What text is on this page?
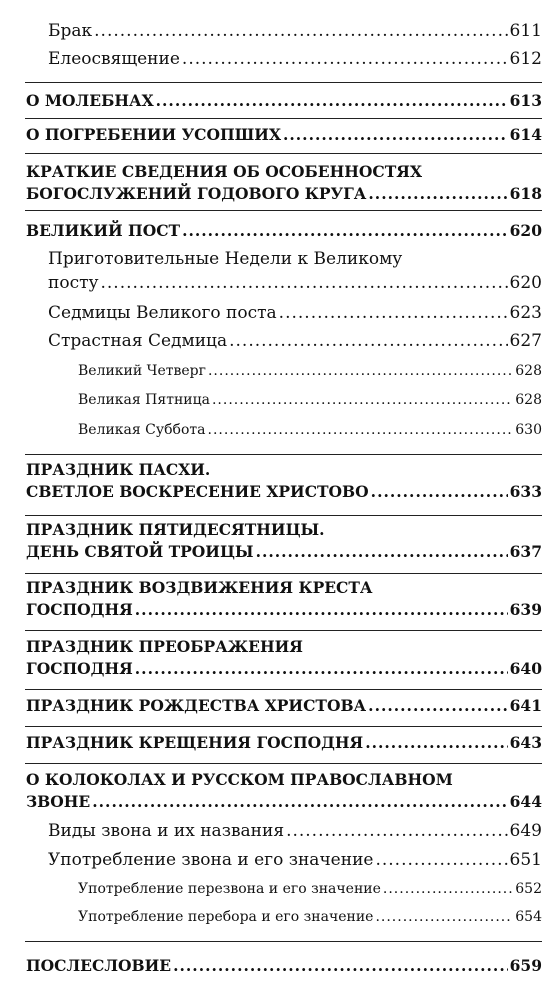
Брак .....	611
Елеосвящение .....	612
О МОЛЕБНАХ .....	613
О ПОГРЕБЕНИИ УСОПШИХ .....	614
КРАТКИЕ СВЕДЕНИЯ ОБ ОСОБЕННОСТЯХ
БОГОСЛУЖЕНИЙ ГОДОВОГО КРУГА .....	618
ВЕЛИКИЙ ПОСТ .....	620
Приготовительные Недели к Великому
посту .....	620
Седмицы Великого поста .....	623
Страстная Седмица .....	627
Великий Четверг .....	628
Великая Пятница .....	628
Великая Суббота .....	630
ПРАЗДНИК ПАСХИ.
СВЕТЛОЕ ВОСКРЕСЕНИЕ ХРИСТОВО .....	633
ПРАЗДНИК ПЯТИДЕСЯТНИЦЫ.
ДЕНЬ СВЯТОЙ ТРОИЦЫ .....	637
ПРАЗДНИК ВОЗДВИЖЕНИЯ КРЕСТА
ГОСПОДНЯ .....	639
ПРАЗДНИК ПРЕОБРАЖЕНИЯ
ГОСПОДНЯ .....	640
ПРАЗДНИК РОЖДЕСТВА ХРИСТОВА .....	641
ПРАЗДНИК КРЕЩЕНИЯ ГОСПОДНЯ .....	643
О КОЛОКОЛАХ И РУССКОМ ПРАВОСЛАВНОМ
ЗВОНЕ .....	644
Виды звона и их названия .....	649
Употребление звона и его значение .....	651
Употребление перезвона и его значение .....	652
Употребление перебора и его значение .....	654
ПОСЛЕСЛОВИЕ .....	659
